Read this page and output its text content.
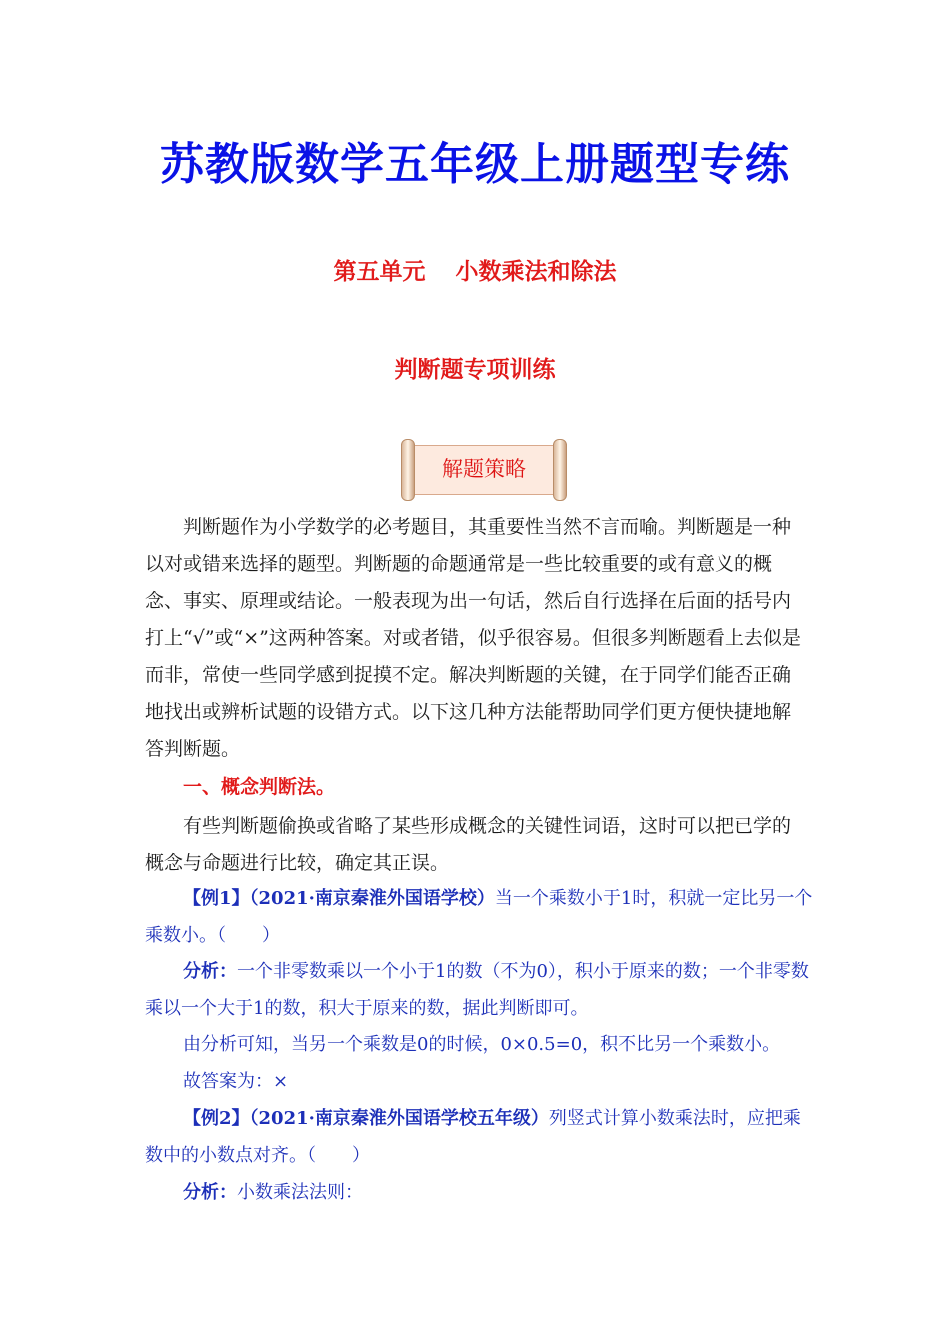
苏教版数学五年级上册题型专练
第五单元 小数乘法和除法
判断题专项训练
解题策略
判断题作为小学数学的必考题目，其重要性当然不言而喻。判断题是一种以对或错来选择的题型。判断题的命题通常是一些比较重要的或有意义的概念、事实、原理或结论。一般表现为出一句话，然后自行选择在后面的括号内打上“√”或“×”这两种答案。对或者错，似乎很容易。但很多判断题看上去似是而非，常使一些同学感到捉摸不定。解决判断题的关键，在于同学们能否正确地找出或辨析试题的设错方式。以下这几种方法能帮助同学们更方便快捷地解答判断题。
一、概念判断法。
有些判断题偷换或省略了某些形成概念的关键性词语，这时可以把已学的概念与命题进行比较，确定其正误。
【例1】（2021·南京秦淮外国语学校）当一个乘数小于1时，积就一定比另一个乘数小。（　　）
分析：一个非零数乘以一个小于1的数（不为0），积小于原来的数；一个非零数乘以一个大于1的数，积大于原来的数，据此判断即可。
由分析可知，当另一个乘数是0的时候，0×0.5=0，积不比另一个乘数小。
故答案为：×
【例2】（2021·南京秦淮外国语学校五年级）列竖式计算小数乘法时，应把乘数中的小数点对齐。（　　）
分析：小数乘法法则：
